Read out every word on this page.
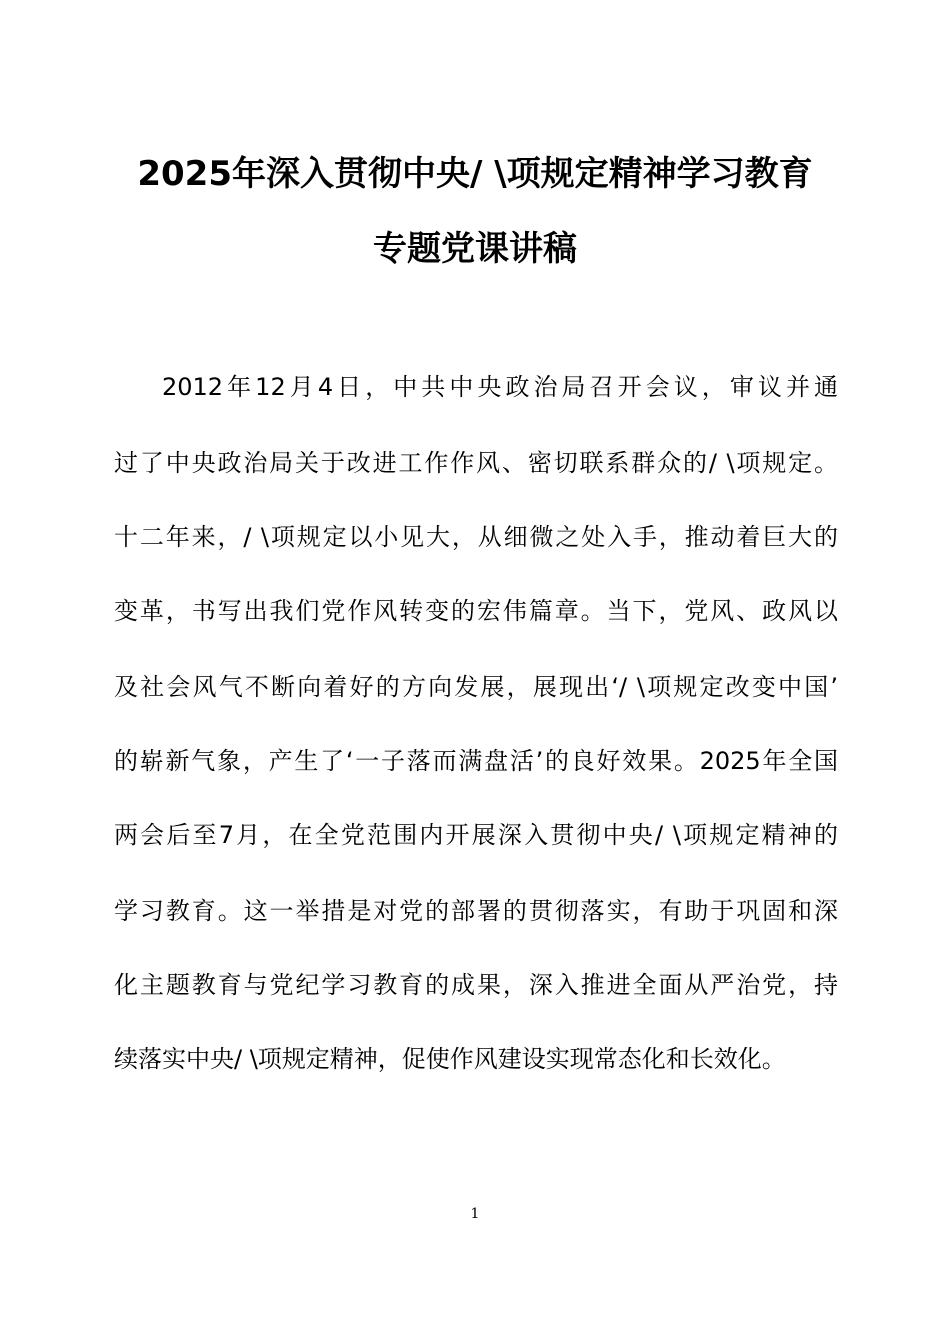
2025年深入贯彻中央/ \项规定精神学习教育
专题党课讲稿
2012年12月4日，中共中央政治局召开会议，审议并通
过了中央政治局关于改进工作作风、密切联系群众的/ \项规定。
十二年来，/ \项规定以小见大，从细微之处入手，推动着巨大的
变革，书写出我们党作风转变的宏伟篇章。当下，党风、政风以
及社会风气不断向着好的方向发展，展现出‘/ \项规定改变中国’
的崭新气象，产生了‘一子落而满盘活’的良好效果。2025年全国
两会后至7月，在全党范围内开展深入贯彻中央/ \项规定精神的
学习教育。这一举措是对党的部署的贯彻落实，有助于巩固和深
化主题教育与党纪学习教育的成果，深入推进全面从严治党，持
续落实中央/ \项规定精神，促使作风建设实现常态化和长效化。
1
